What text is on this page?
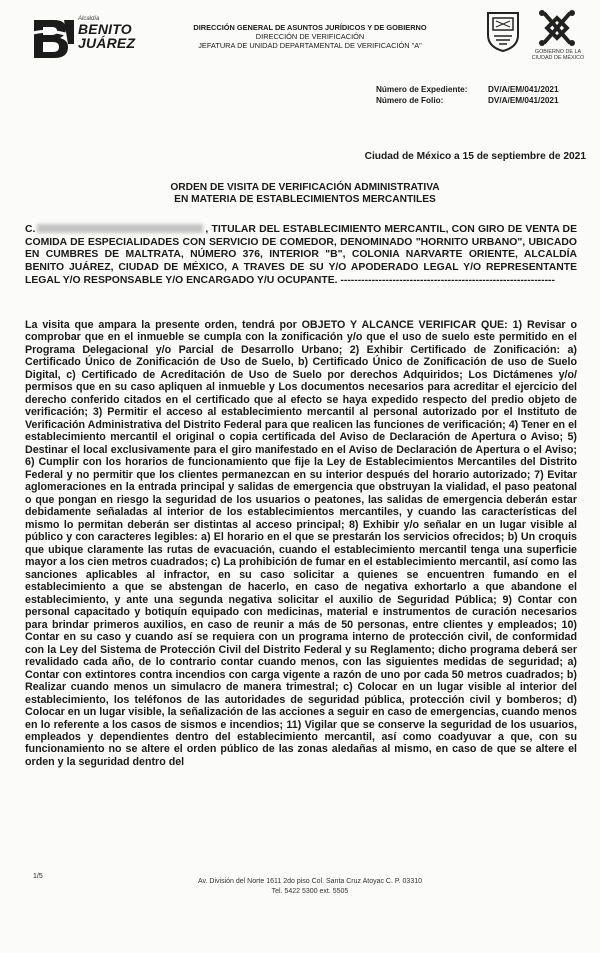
Alcaldía
BENITO
JUÁREZ
DIRECCIÓN GENERAL DE ASUNTOS JURÍDICOS Y DE GOBIERNO
DIRECCIÓN DE VERIFICACIÓN
JEFATURA DE UNIDAD DEPARTAMENTAL DE VERIFICACIÓN "A"
GOBIERNO DE LA
CIUDAD DE MÉXICO
Número de Expediente:	DV/A/EM/041/2021
Número de Folio:	DV/A/EM/041/2021
Ciudad de México a 15 de septiembre de 2021
ORDEN DE VISITA DE VERIFICACIÓN ADMINISTRATIVA
EN MATERIA DE ESTABLECIMIENTOS MERCANTILES
C.	, TITULAR DEL ESTABLECIMIENTO MERCANTIL, CON GIRO DE VENTA DE COMIDA DE ESPECIALIDADES CON SERVICIO DE COMEDOR, DENOMINADO "HORNITO URBANO", UBICADO EN CUMBRES DE MALTRATA, NÚMERO 376, INTERIOR "B", COLONIA NARVARTE ORIENTE, ALCALDÍA BENITO JUÁREZ, CIUDAD DE MÉXICO, A TRAVES DE SU Y/O APODERADO LEGAL Y/O REPRESENTANTE LEGAL Y/O RESPONSABLE Y/O ENCARGADO Y/U OCUPANTE. --------------------------------------------------------------
La visita que ampara la presente orden, tendrá por OBJETO Y ALCANCE VERIFICAR QUE: 1) Revisar o comprobar que en el inmueble se cumpla con la zonificación y/o que el uso de suelo este permitido en el Programa Delegacional y/o Parcial de Desarrollo Urbano; 2) Exhibir Certificado de Zonificación: a) Certificado Único de Zonificación de Uso de Suelo, b) Certificado Único de Zonificación de uso de Suelo Digital, c) Certificado de Acreditación de Uso de Suelo por derechos Adquiridos; Los Dictámenes y/o/ permisos que en su caso apliquen al inmueble y Los documentos necesarios para acreditar el ejercicio del derecho conferido citados en el certificado que al efecto se haya expedido respecto del predio objeto de verificación; 3) Permitir el acceso al establecimiento mercantil al personal autorizado por el Instituto de Verificación Administrativa del Distrito Federal para que realicen las funciones de verificación; 4) Tener en el establecimiento mercantil el original o copia certificada del Aviso de Declaración de Apertura o Aviso; 5) Destinar el local exclusivamente para el giro manifestado en el Aviso de Declaración de Apertura o el Aviso; 6) Cumplir con los horarios de funcionamiento que fije la Ley de Establecimientos Mercantiles del Distrito Federal y no permitir que los clientes permanezcan en su interior después del horario autorizado; 7) Evitar aglomeraciones en la entrada principal y salidas de emergencia que obstruyan la vialidad, el paso peatonal o que pongan en riesgo la seguridad de los usuarios o peatones, las salidas de emergencia deberán estar debidamente señaladas al interior de los establecimientos mercantiles, y cuando las características del mismo lo permitan deberán ser distintas al acceso principal; 8) Exhibir y/o señalar en un lugar visible al público y con caracteres legibles: a) El horario en el que se prestarán los servicios ofrecidos; b) Un croquis que ubique claramente las rutas de evacuación, cuando el establecimiento mercantil tenga una superficie mayor a los cien metros cuadrados; c) La prohibición de fumar en el establecimiento mercantil, así como las sanciones aplicables al infractor, en su caso solicitar a quienes se encuentren fumando en el establecimiento a que se abstengan de hacerlo, en caso de negativa exhortarlo a que abandone el establecimiento, y ante una segunda negativa solicitar el auxilio de Seguridad Pública; 9) Contar con personal capacitado y botiquín equipado con medicinas, material e instrumentos de curación necesarios para brindar primeros auxilios, en caso de reunir a más de 50 personas, entre clientes y empleados; 10) Contar en su caso y cuando así se requiera con un programa interno de protección civil, de conformidad con la Ley del Sistema de Protección Civil del Distrito Federal y su Reglamento; dicho programa deberá ser revalidado cada año, de lo contrario contar cuando menos, con las siguientes medidas de seguridad; a) Contar con extintores contra incendios con carga vigente a razón de uno por cada 50 metros cuadrados; b) Realizar cuando menos un simulacro de manera trimestral; c) Colocar en un lugar visible al interior del establecimiento, los teléfonos de las autoridades de seguridad pública, protección civil y bomberos; d) Colocar en un lugar visible, la señalización de las acciones a seguir en caso de emergencias, cuando menos en lo referente a los casos de sismos e incendios; 11) Vigilar que se conserve la seguridad de los usuarios, empleados y dependientes dentro del establecimiento mercantil, así como coadyuvar a que, con su funcionamiento no se altere el orden público de las zonas aledañas al mismo, en caso de que se altere el orden y la seguridad dentro del
1/5
Av. División del Norte 1611 2do piso Col. Santa Cruz Atoyac C. P. 03310
Tel. 5422 5300 ext. 5505
